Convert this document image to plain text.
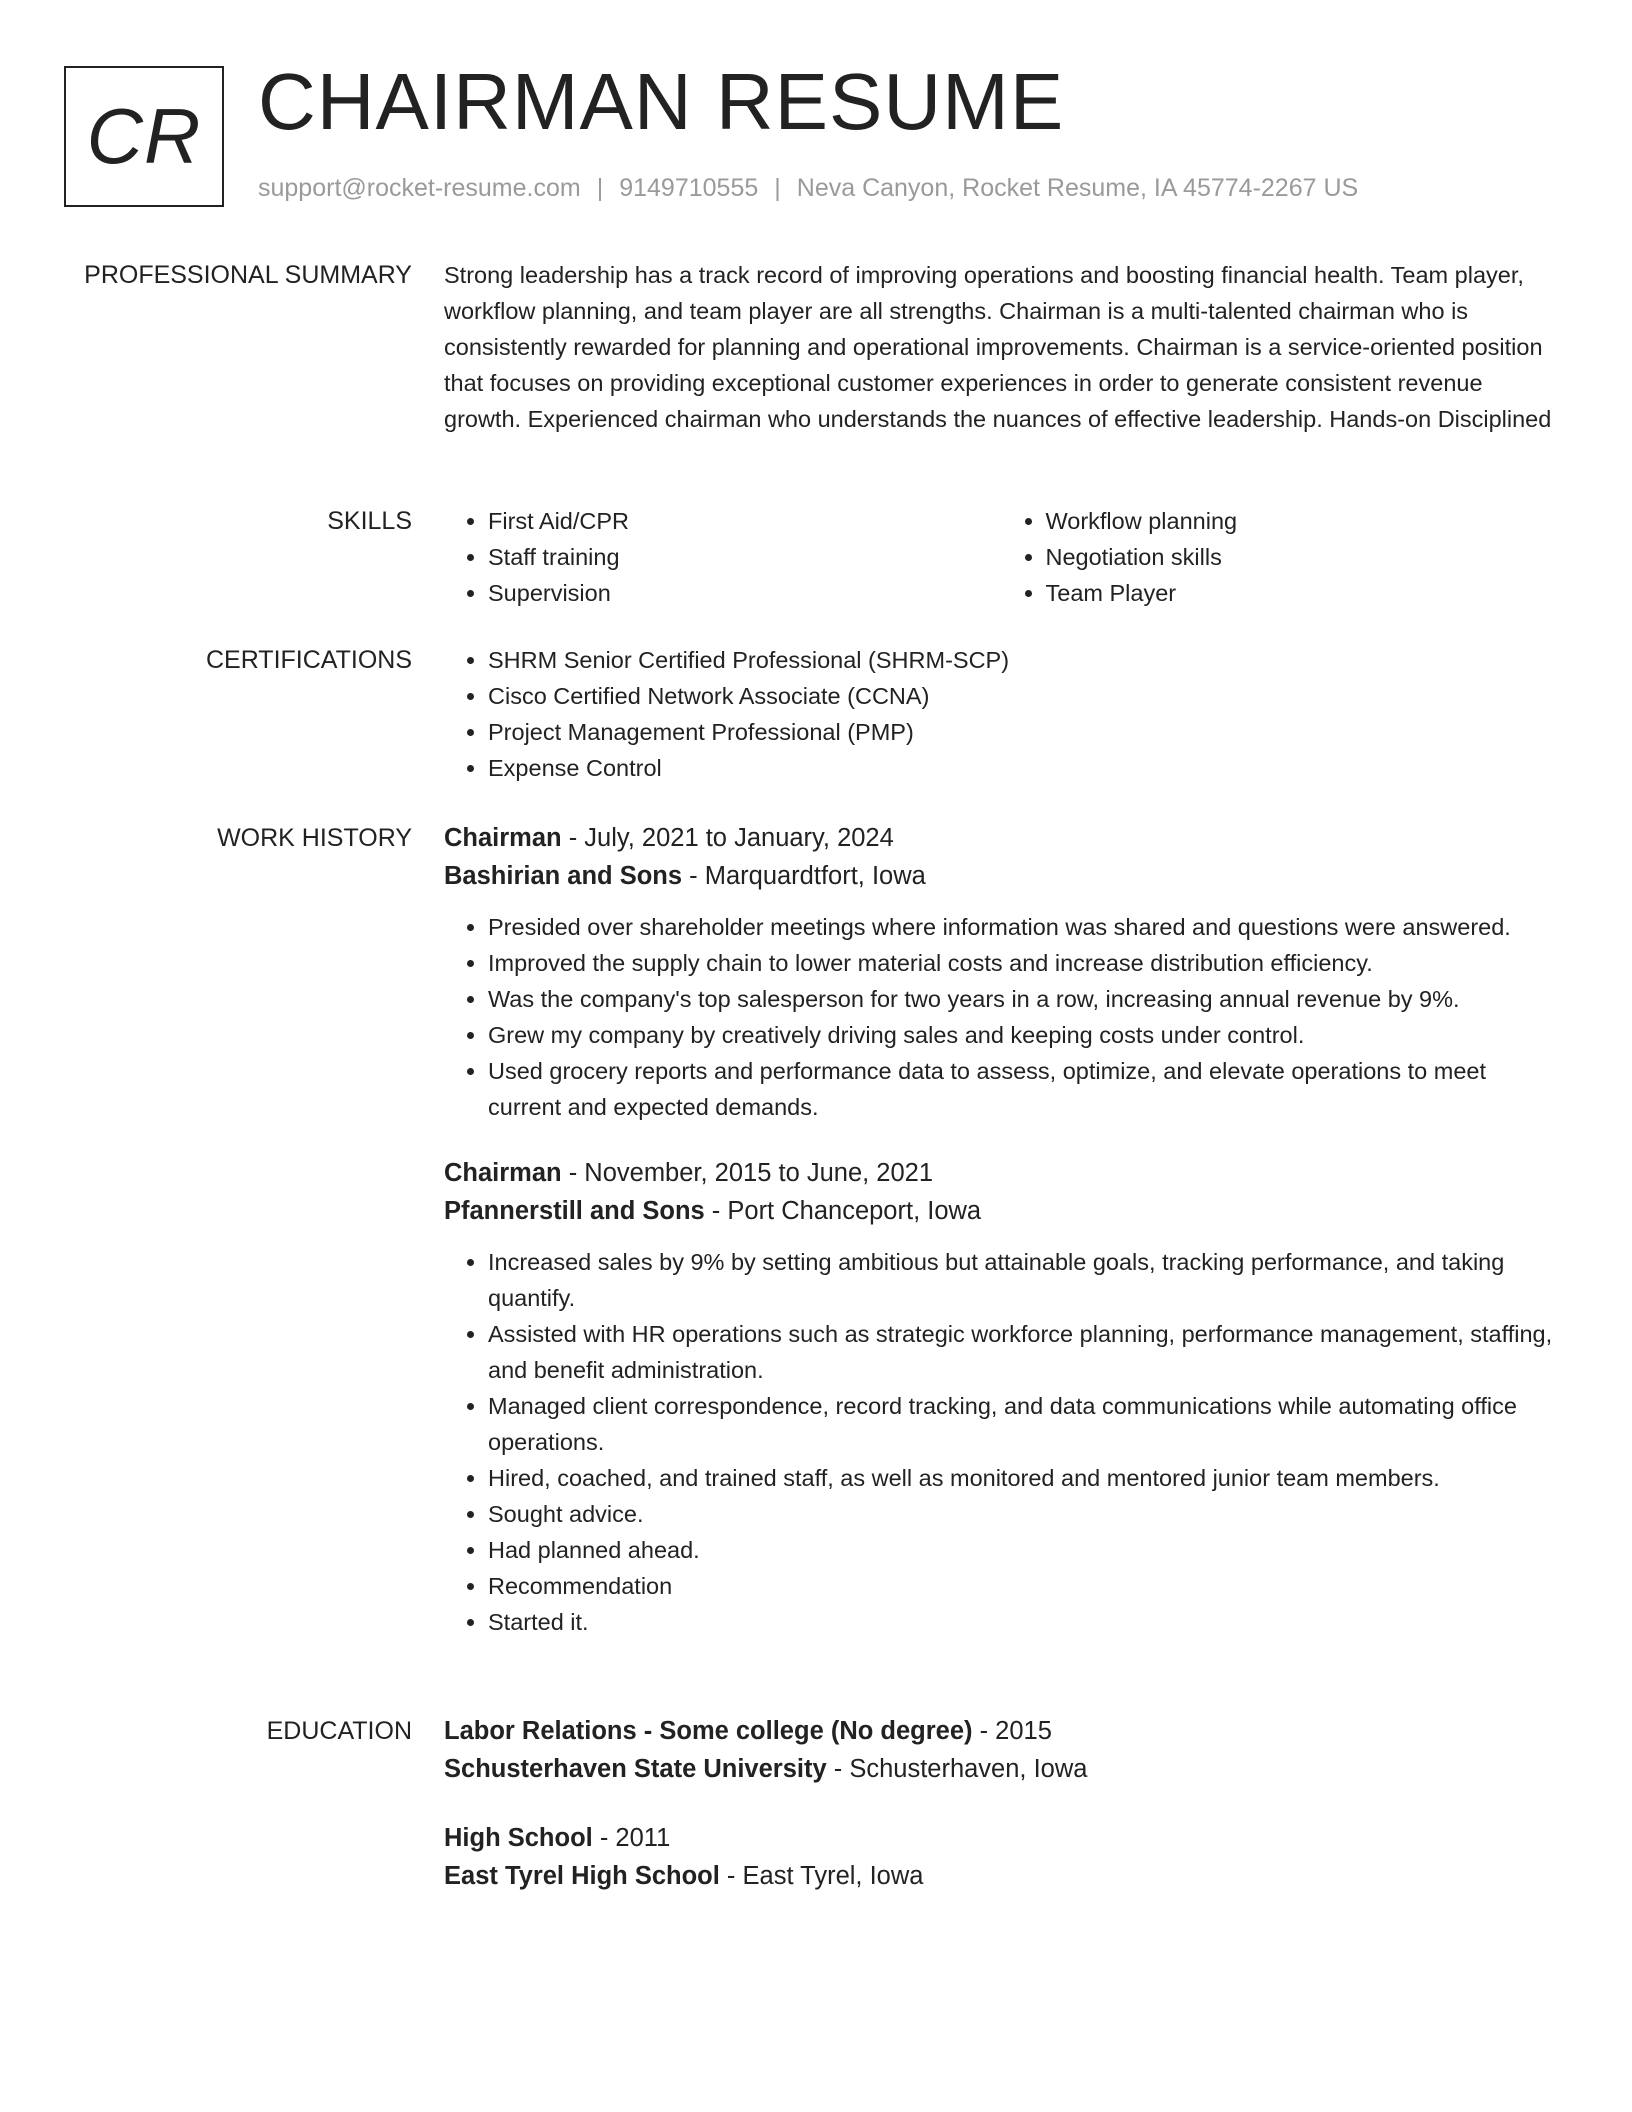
CR CHAIRMAN RESUME
support@rocket-resume.com | 9149710555 | Neva Canyon, Rocket Resume, IA 45774-2267 US
PROFESSIONAL SUMMARY Strong leadership has a track record of improving operations and boosting financial health. Team player, workflow planning, and team player are all strengths. Chairman is a multi-talented chairman who is consistently rewarded for planning and operational improvements. Chairman is a service-oriented position that focuses on providing exceptional customer experiences in order to generate consistent revenue growth. Experienced chairman who understands the nuances of effective leadership. Hands-on Disciplined

SKILLS	• First Aid/CPR
• Staff training
• Supervision
• Workflow planning
• Negotiation skills
• Team Player
CERTIFICATIONS	• SHRM Senior Certified Professional (SHRM-SCP)
• Cisco Certified Network Associate (CCNA)
• Project Management Professional (PMP)
• Expense Control
WORK HISTORY Chairman - July, 2021 to January, 2024
Bashirian and Sons - Marquardtfort, Iowa
• Presided over shareholder meetings where information was shared and questions were answered.
• Improved the supply chain to lower material costs and increase distribution efficiency.
• Was the company's top salesperson for two years in a row, increasing annual revenue by 9%.
• Grew my company by creatively driving sales and keeping costs under control.
• Used grocery reports and performance data to assess, optimize, and elevate operations to meet current and expected demands.
Chairman - November, 2015 to June, 2021
Pfannerstill and Sons - Port Chanceport, Iowa
• Increased sales by 9% by setting ambitious but attainable goals, tracking performance, and taking quantify.
• Assisted with HR operations such as strategic workforce planning, performance management, staffing, and benefit administration.
• Managed client correspondence, record tracking, and data communications while automating office operations.
• Hired, coached, and trained staff, as well as monitored and mentored junior team members.
• Sought advice.
• Had planned ahead.
• Recommendation
• Started it.
EDUCATION Labor Relations - Some college (No degree) - 2015
Schusterhaven State University - Schusterhaven, Iowa
High School - 2011
East Tyrel High School - East Tyrel, Iowa
